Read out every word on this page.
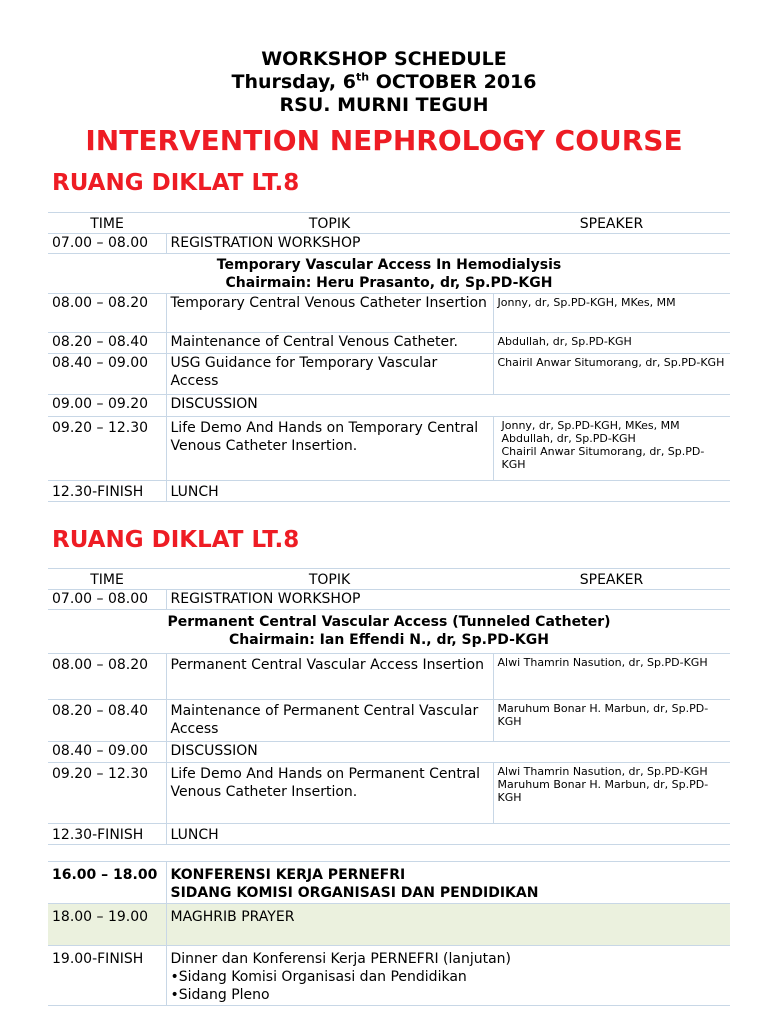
WORKSHOP SCHEDULE
Thursday, 6th OCTOBER 2016
RSU. MURNI TEGUH
INTERVENTION NEPHROLOGY COURSE
RUANG DIKLAT LT.8
TIME	TOPIK	SPEAKER
07.00 – 08.00	REGISTRATION WORKSHOP	

Temporary Vascular Access In Hemodialysis
Chairmain: Heru Prasanto, dr, Sp.PD-KGH		

08.00 – 08.20	Temporary Central Venous Catheter Insertion	Jonny, dr, Sp.PD-KGH, MKes, MM
08.20 – 08.40	Maintenance of Central Venous Catheter.	Abdullah, dr, Sp.PD-KGH
08.40 – 09.00	USG Guidance for Temporary Vascular Access	Chairil Anwar Situmorang, dr, Sp.PD-KGH
09.00 – 09.20	DISCUSSION	
09.20 – 12.30	Life Demo And Hands on Temporary Central Venous Catheter Insertion.	Jonny, dr, Sp.PD-KGH, MKes, MM
Abdullah, dr, Sp.PD-KGH
Chairil Anwar Situmorang, dr, Sp.PD-KGH

12.30-FINISH	LUNCH	
RUANG DIKLAT LT.8
TIME	TOPIK	SPEAKER
07.00 – 08.00	REGISTRATION WORKSHOP	

Permanent Central Vascular Access (Tunneled Catheter)
Chairmain: Ian Effendi N., dr, Sp.PD-KGH		

08.00 – 08.20	Permanent Central Vascular Access Insertion	Alwi Thamrin Nasution, dr, Sp.PD-KGH
08.20 – 08.40	Maintenance of Permanent Central Vascular Access	Maruhum Bonar H. Marbun, dr, Sp.PD-KGH
08.40 – 09.00	DISCUSSION	
09.20 – 12.30	Life Demo And Hands on Permanent Central Venous Catheter Insertion.	Alwi Thamrin Nasution, dr, Sp.PD-KGH
Maruhum Bonar H. Marbun, dr, Sp.PD-KGH

12.30-FINISH	LUNCH	
16.00 – 18.00	KONFERENSI KERJA PERNEFRI
SIDANG KOMISI ORGANISASI DAN PENDIDIKAN

18.00 – 19.00	MAGHRIB PRAYER
19.00-FINISH	Dinner dan Konferensi Kerja PERNEFRI (lanjutan)
•Sidang Komisi Organisasi dan Pendidikan
•Sidang Pleno
